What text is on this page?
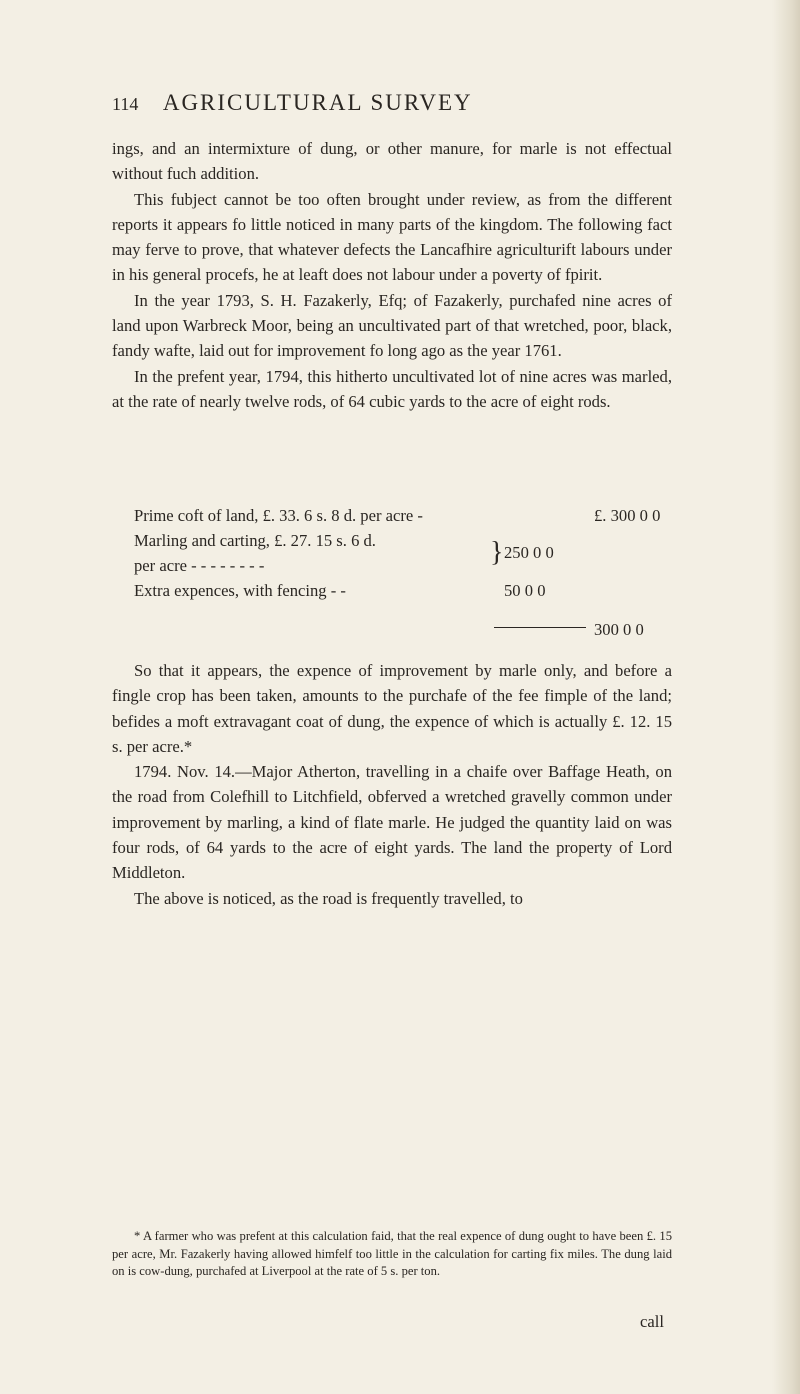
114 AGRICULTURAL SURVEY

ings, and an intermixture of dung, or other manure, for marle is not effectual without fuch addition.

This fubject cannot be too often brought under review, as from the different reports it appears fo little noticed in many parts of the kingdom. The following fact may ferve to prove, that whatever defects the Lancafhire agriculturift labours under in his general procefs, he at leaft does not labour under a poverty of fpirit.

In the year 1793, S. H. Fazakerly, Efq; of Fazakerly, purchafed nine acres of land upon Warbreck Moor, being an uncultivated part of that wretched, poor, black, fandy wafte, laid out for improvement fo long ago as the year 1761.

In the prefent year, 1794, this hitherto uncultivated lot of nine acres was marled, at the rate of nearly twelve rods, of 64 cubic yards to the acre of eight rods.

Prime coft of land, £. 33. 6 s. 8 d. per acre -	£. 300 0 0
Marling and carting, £. 27. 15 s. 6 d.	} 250 0 0
per acre - - - - - - - -
Extra expences, with fencing - -	50 0 0
300 0 0

So that it appears, the expence of improvement by marle only, and before a fingle crop has been taken, amounts to the purchafe of the fee fimple of the land; befides a moft extravagant coat of dung, the expence of which is actually £. 12. 15 s. per acre.*

1794. Nov. 14.—Major Atherton, travelling in a chaife over Baffage Heath, on the road from Colefhill to Litchfield, obferved a wretched gravelly common under improvement by marling, a kind of flate marle. He judged the quantity laid on was four rods, of 64 yards to the acre of eight yards. The land the property of Lord Middleton.

The above is noticed, as the road is frequently travelled, to

* A farmer who was prefent at this calculation faid, that the real expence of dung ought to have been £. 15 per acre, Mr. Fazakerly having allowed himfelf too little in the calculation for carting fix miles. The dung laid on is cow-dung, purchafed at Liverpool at the rate of 5 s. per ton.

call
